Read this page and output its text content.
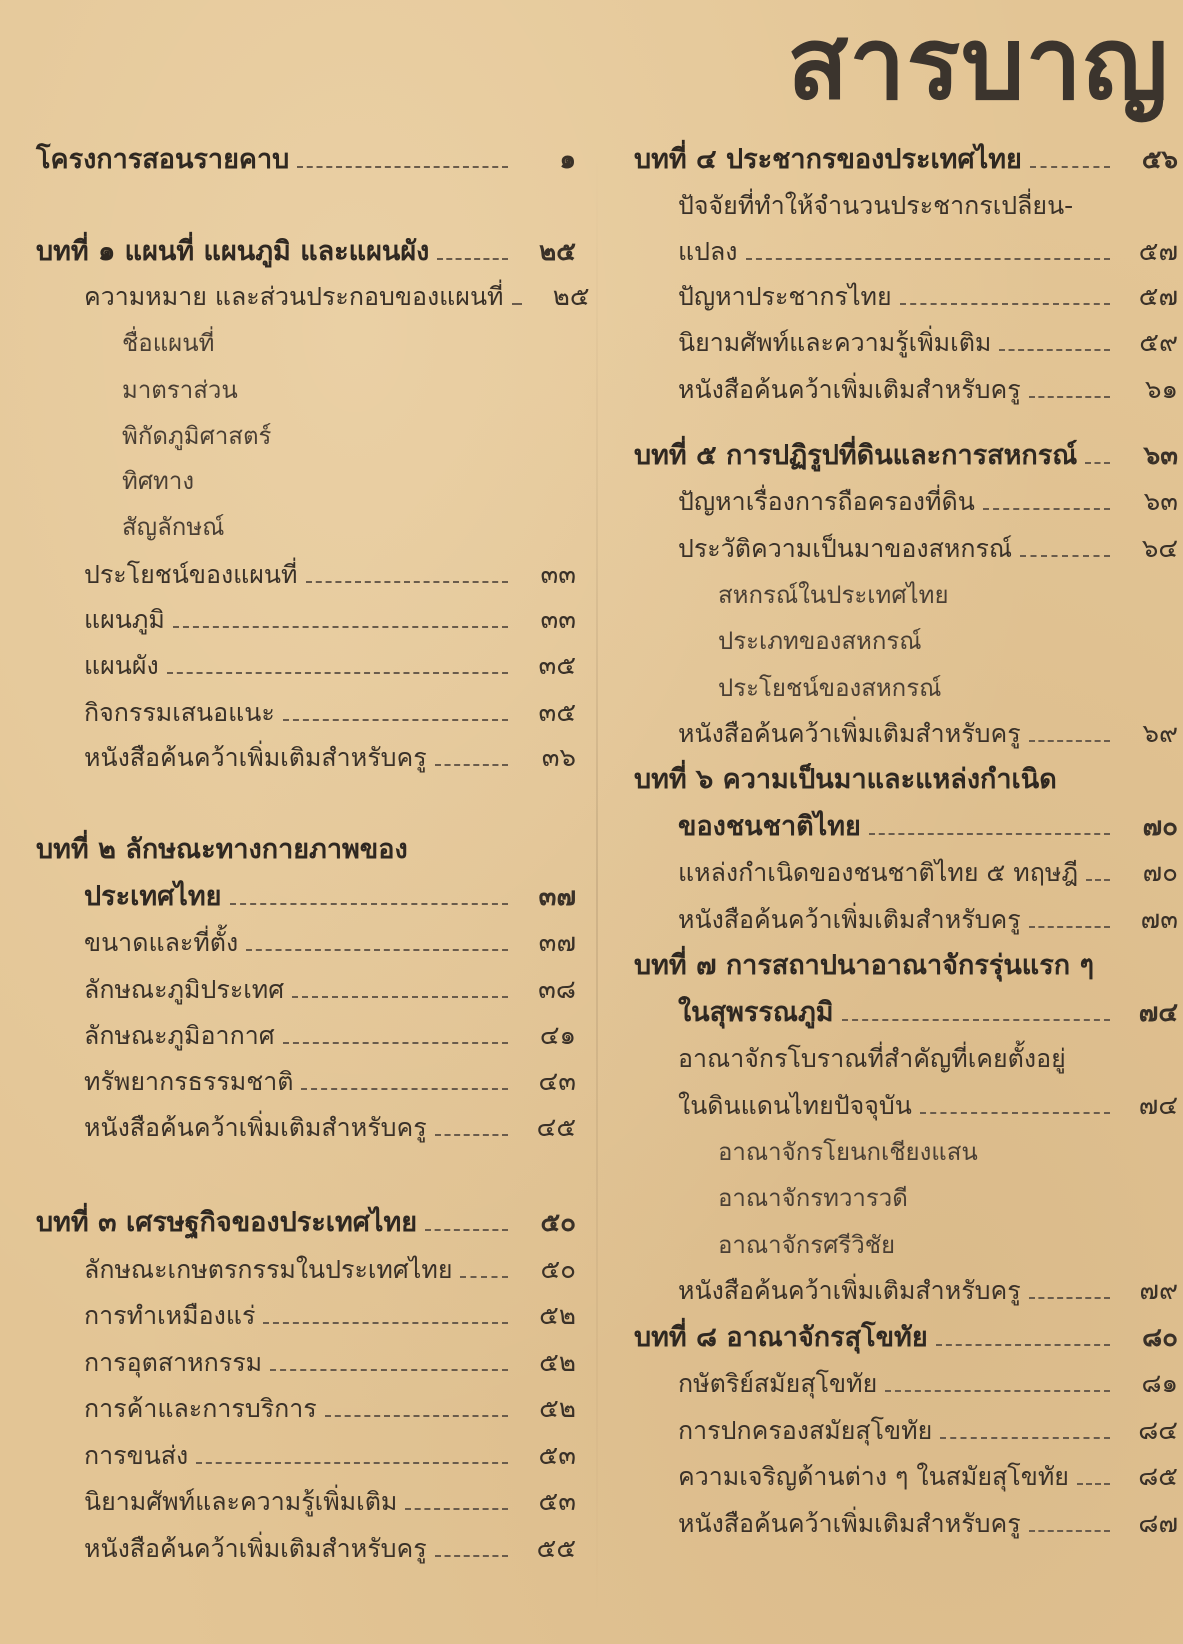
สารบาญ
โครงการสอนรายคาบ	๑
บทที่ ๑ แผนที่ แผนภูมิ และแผนผัง	๒๕
ความหมาย และส่วนประกอบของแผนที่	๒๕
ชื่อแผนที่
มาตราส่วน
พิกัดภูมิศาสตร์
ทิศทาง
สัญลักษณ์
ประโยชน์ของแผนที่	๓๓
แผนภูมิ	๓๓
แผนผัง	๓๕
กิจกรรมเสนอแนะ	๓๕
หนังสือค้นคว้าเพิ่มเติมสำหรับครู	๓๖
บทที่ ๒ ลักษณะทางกายภาพของ
ประเทศไทย	๓๗
ขนาดและที่ตั้ง	๓๗
ลักษณะภูมิประเทศ	๓๘
ลักษณะภูมิอากาศ	๔๑
ทรัพยากรธรรมชาติ	๔๓
หนังสือค้นคว้าเพิ่มเติมสำหรับครู	๔๕
บทที่ ๓ เศรษฐกิจของประเทศไทย	๕๐
ลักษณะเกษตรกรรมในประเทศไทย	๕๐
การทำเหมืองแร่	๕๒
การอุตสาหกรรม	๕๒
การค้าและการบริการ	๕๒
การขนส่ง	๕๓
นิยามศัพท์และความรู้เพิ่มเติม	๕๓
หนังสือค้นคว้าเพิ่มเติมสำหรับครู	๕๕
บทที่ ๔ ประชากรของประเทศไทย	๕๖
ปัจจัยที่ทำให้จำนวนประชากรเปลี่ยน-
แปลง	๕๗
ปัญหาประชากรไทย	๕๗
นิยามศัพท์และความรู้เพิ่มเติม	๕๙
หนังสือค้นคว้าเพิ่มเติมสำหรับครู	๖๑
บทที่ ๕ การปฏิรูปที่ดินและการสหกรณ์	๖๓
ปัญหาเรื่องการถือครองที่ดิน	๖๓
ประวัติความเป็นมาของสหกรณ์	๖๔
สหกรณ์ในประเทศไทย
ประเภทของสหกรณ์
ประโยชน์ของสหกรณ์
หนังสือค้นคว้าเพิ่มเติมสำหรับครู	๖๙
บทที่ ๖ ความเป็นมาและแหล่งกำเนิด
ของชนชาติไทย	๗๐
แหล่งกำเนิดของชนชาติไทย ๕ ทฤษฎี	๗๐
หนังสือค้นคว้าเพิ่มเติมสำหรับครู	๗๓
บทที่ ๗ การสถาปนาอาณาจักรรุ่นแรก ๆ
ในสุพรรณภูมิ	๗๔
อาณาจักรโบราณที่สำคัญที่เคยตั้งอยู่
ในดินแดนไทยปัจจุบัน	๗๔
อาณาจักรโยนกเชียงแสน
อาณาจักรทวารวดี
อาณาจักรศรีวิชัย
หนังสือค้นคว้าเพิ่มเติมสำหรับครู	๗๙
บทที่ ๘ อาณาจักรสุโขทัย	๘๐
กษัตริย์สมัยสุโขทัย	๘๑
การปกครองสมัยสุโขทัย	๘๔
ความเจริญด้านต่าง ๆ ในสมัยสุโขทัย	๘๕
หนังสือค้นคว้าเพิ่มเติมสำหรับครู	๘๗
